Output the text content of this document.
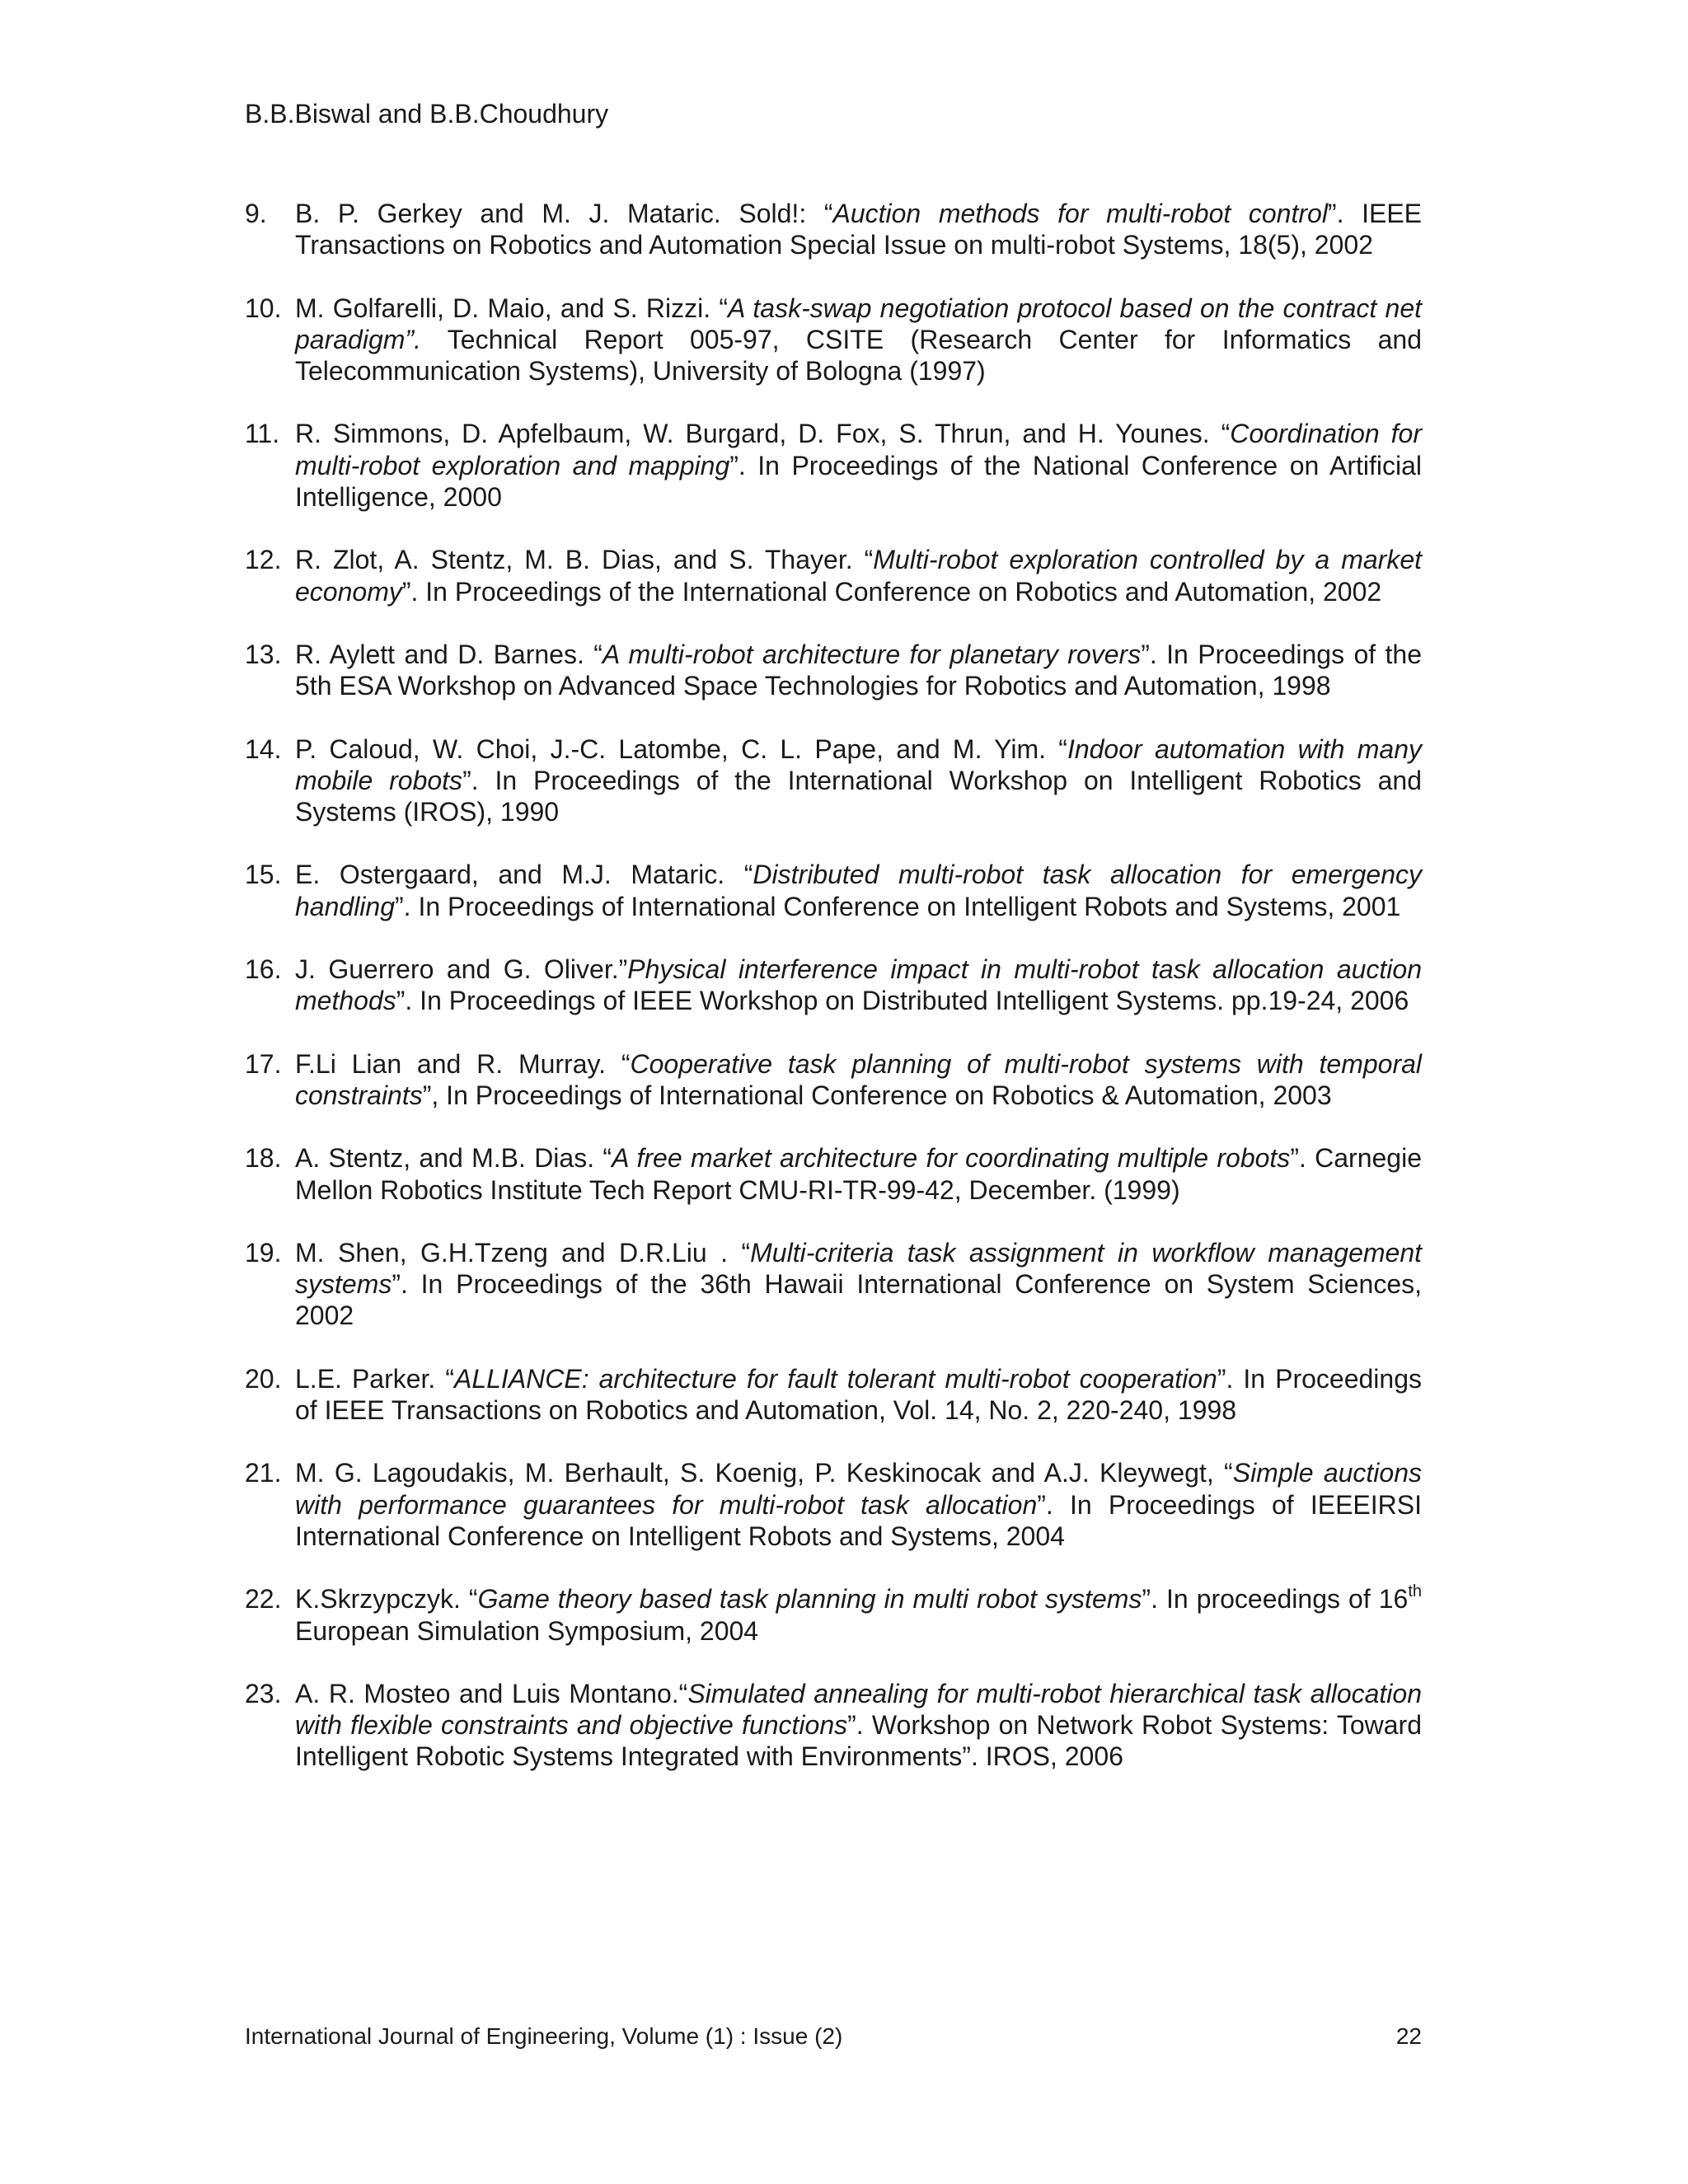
B.B.Biswal and B.B.Choudhury
9. B. P. Gerkey and M. J. Mataric. Sold!: “Auction methods for multi-robot control”. IEEE Transactions on Robotics and Automation Special Issue on multi-robot Systems, 18(5), 2002
10. M. Golfarelli, D. Maio, and S. Rizzi. “A task-swap negotiation protocol based on the contract net paradigm”. Technical Report 005-97, CSITE (Research Center for Informatics and Telecommunication Systems), University of Bologna (1997)
11. R. Simmons, D. Apfelbaum, W. Burgard, D. Fox, S. Thrun, and H. Younes. “Coordination for multi-robot exploration and mapping”. In Proceedings of the National Conference on Artificial Intelligence, 2000
12. R. Zlot, A. Stentz, M. B. Dias, and S. Thayer. “Multi-robot exploration controlled by a market economy”. In Proceedings of the International Conference on Robotics and Automation, 2002
13. R. Aylett and D. Barnes. “A multi-robot architecture for planetary rovers”. In Proceedings of the 5th ESA Workshop on Advanced Space Technologies for Robotics and Automation, 1998
14. P. Caloud, W. Choi, J.-C. Latombe, C. L. Pape, and M. Yim. “Indoor automation with many mobile robots”. In Proceedings of the International Workshop on Intelligent Robotics and Systems (IROS), 1990
15. E. Ostergaard, and M.J. Mataric. “Distributed multi-robot task allocation for emergency handling”. In Proceedings of International Conference on Intelligent Robots and Systems, 2001
16. J. Guerrero and G. Oliver.”Physical interference impact in multi-robot task allocation auction methods”. In Proceedings of IEEE Workshop on Distributed Intelligent Systems. pp.19-24, 2006
17. F.Li Lian and R. Murray. “Cooperative task planning of multi-robot systems with temporal constraints”, In Proceedings of International Conference on Robotics & Automation, 2003
18. A. Stentz, and M.B. Dias. “A free market architecture for coordinating multiple robots”. Carnegie Mellon Robotics Institute Tech Report CMU-RI-TR-99-42, December. (1999)
19. M. Shen, G.H.Tzeng and D.R.Liu . “Multi-criteria task assignment in workflow management systems”. In Proceedings of the 36th Hawaii International Conference on System Sciences, 2002
20. L.E. Parker. “ALLIANCE: architecture for fault tolerant multi-robot cooperation”. In Proceedings of IEEE Transactions on Robotics and Automation, Vol. 14, No. 2, 220-240, 1998
21. M. G. Lagoudakis, M. Berhault, S. Koenig, P. Keskinocak and A.J. Kleywegt, “Simple auctions with performance guarantees for multi-robot task allocation”. In Proceedings of IEEEIRSI International Conference on Intelligent Robots and Systems, 2004
22. K.Skrzypczyk. “Game theory based task planning in multi robot systems”. In proceedings of 16th European Simulation Symposium, 2004
23. A. R. Mosteo and Luis Montano.“Simulated annealing for multi-robot hierarchical task allocation with flexible constraints and objective functions”. Workshop on Network Robot Systems: Toward Intelligent Robotic Systems Integrated with Environments”. IROS, 2006
International Journal of Engineering, Volume (1) : Issue (2)	22
